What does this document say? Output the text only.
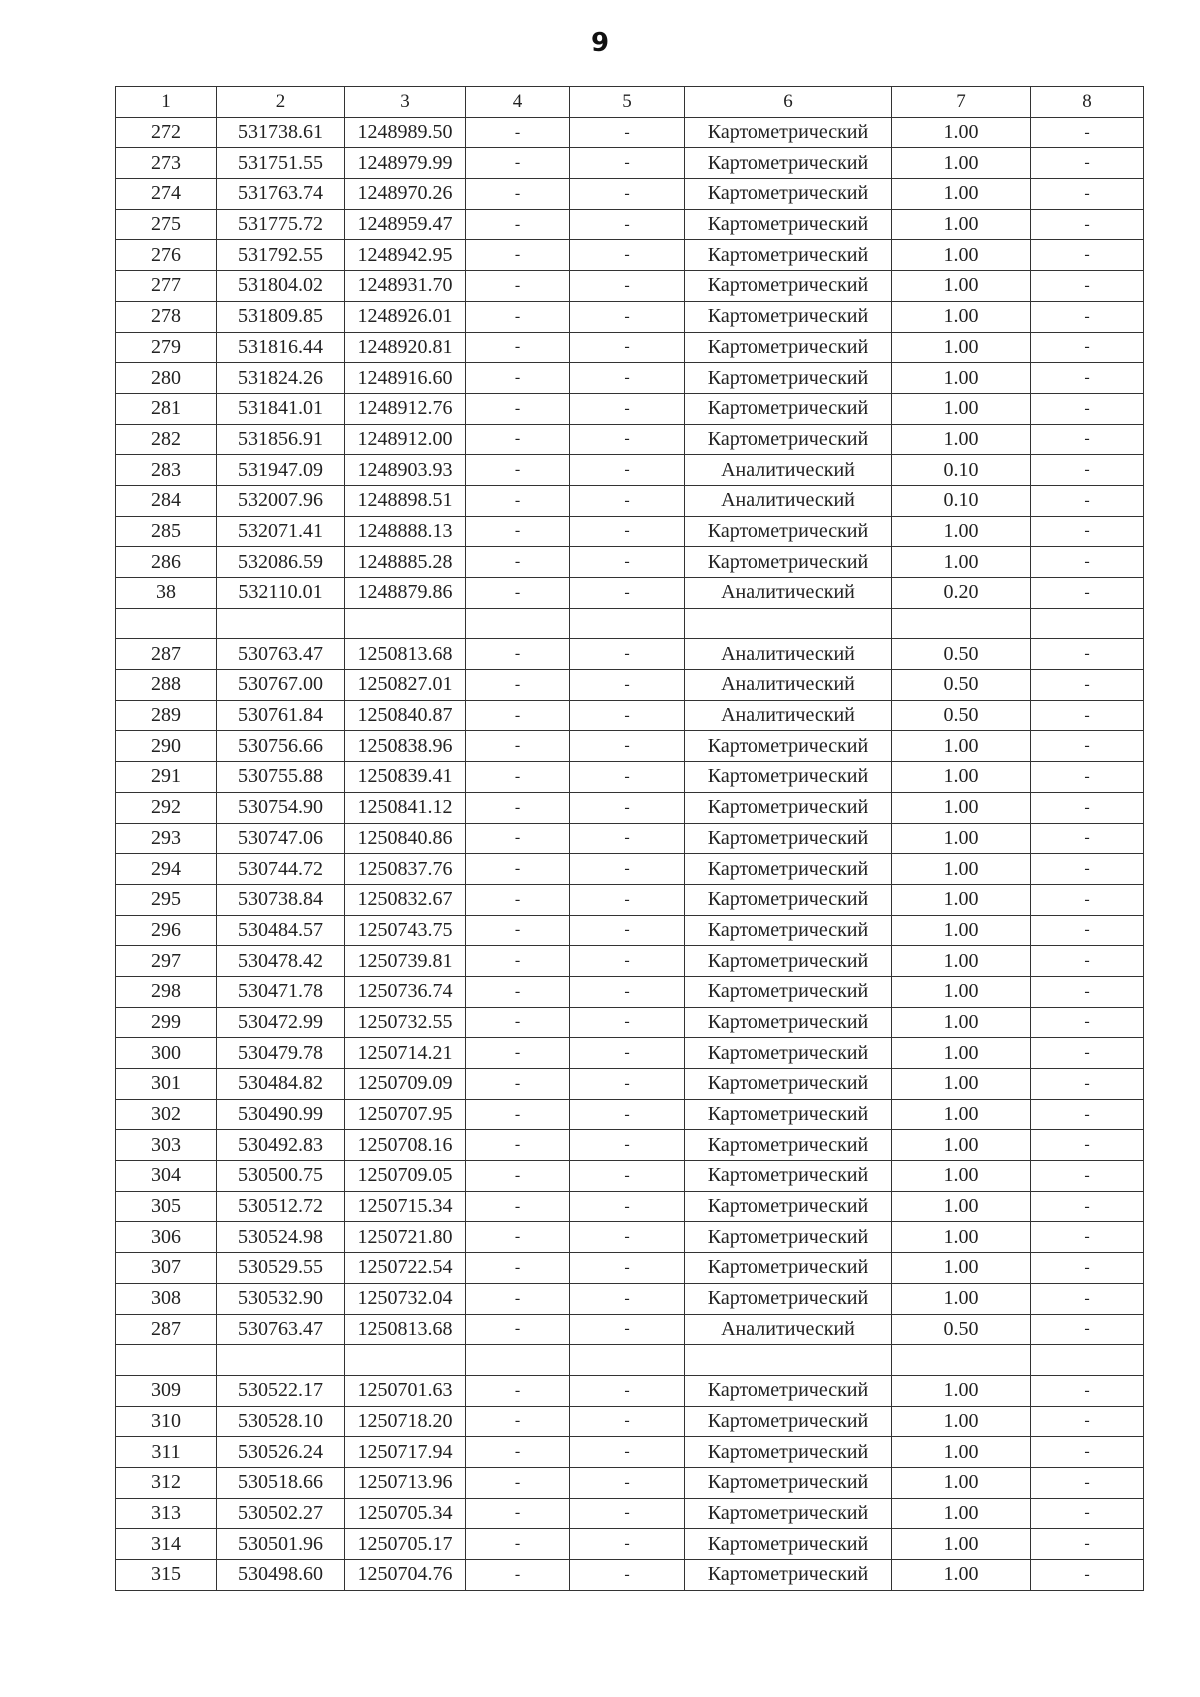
9
1	2	3	4	5	6	7	8
272	531738.61	1248989.50	-	-	Картометрический	1.00	-
273	531751.55	1248979.99	-	-	Картометрический	1.00	-
274	531763.74	1248970.26	-	-	Картометрический	1.00	-
275	531775.72	1248959.47	-	-	Картометрический	1.00	-
276	531792.55	1248942.95	-	-	Картометрический	1.00	-
277	531804.02	1248931.70	-	-	Картометрический	1.00	-
278	531809.85	1248926.01	-	-	Картометрический	1.00	-
279	531816.44	1248920.81	-	-	Картометрический	1.00	-
280	531824.26	1248916.60	-	-	Картометрический	1.00	-
281	531841.01	1248912.76	-	-	Картометрический	1.00	-
282	531856.91	1248912.00	-	-	Картометрический	1.00	-
283	531947.09	1248903.93	-	-	Аналитический	0.10	-
284	532007.96	1248898.51	-	-	Аналитический	0.10	-
285	532071.41	1248888.13	-	-	Картометрический	1.00	-
286	532086.59	1248885.28	-	-	Картометрический	1.00	-
38	532110.01	1248879.86	-	-	Аналитический	0.20	-

287	530763.47	1250813.68	-	-	Аналитический	0.50	-
288	530767.00	1250827.01	-	-	Аналитический	0.50	-
289	530761.84	1250840.87	-	-	Аналитический	0.50	-
290	530756.66	1250838.96	-	-	Картометрический	1.00	-
291	530755.88	1250839.41	-	-	Картометрический	1.00	-
292	530754.90	1250841.12	-	-	Картометрический	1.00	-
293	530747.06	1250840.86	-	-	Картометрический	1.00	-
294	530744.72	1250837.76	-	-	Картометрический	1.00	-
295	530738.84	1250832.67	-	-	Картометрический	1.00	-
296	530484.57	1250743.75	-	-	Картометрический	1.00	-
297	530478.42	1250739.81	-	-	Картометрический	1.00	-
298	530471.78	1250736.74	-	-	Картометрический	1.00	-
299	530472.99	1250732.55	-	-	Картометрический	1.00	-
300	530479.78	1250714.21	-	-	Картометрический	1.00	-
301	530484.82	1250709.09	-	-	Картометрический	1.00	-
302	530490.99	1250707.95	-	-	Картометрический	1.00	-
303	530492.83	1250708.16	-	-	Картометрический	1.00	-
304	530500.75	1250709.05	-	-	Картометрический	1.00	-
305	530512.72	1250715.34	-	-	Картометрический	1.00	-
306	530524.98	1250721.80	-	-	Картометрический	1.00	-
307	530529.55	1250722.54	-	-	Картометрический	1.00	-
308	530532.90	1250732.04	-	-	Картометрический	1.00	-
287	530763.47	1250813.68	-	-	Аналитический	0.50	-

309	530522.17	1250701.63	-	-	Картометрический	1.00	-
310	530528.10	1250718.20	-	-	Картометрический	1.00	-
311	530526.24	1250717.94	-	-	Картометрический	1.00	-
312	530518.66	1250713.96	-	-	Картометрический	1.00	-
313	530502.27	1250705.34	-	-	Картометрический	1.00	-
314	530501.96	1250705.17	-	-	Картометрический	1.00	-
315	530498.60	1250704.76	-	-	Картометрический	1.00	-
